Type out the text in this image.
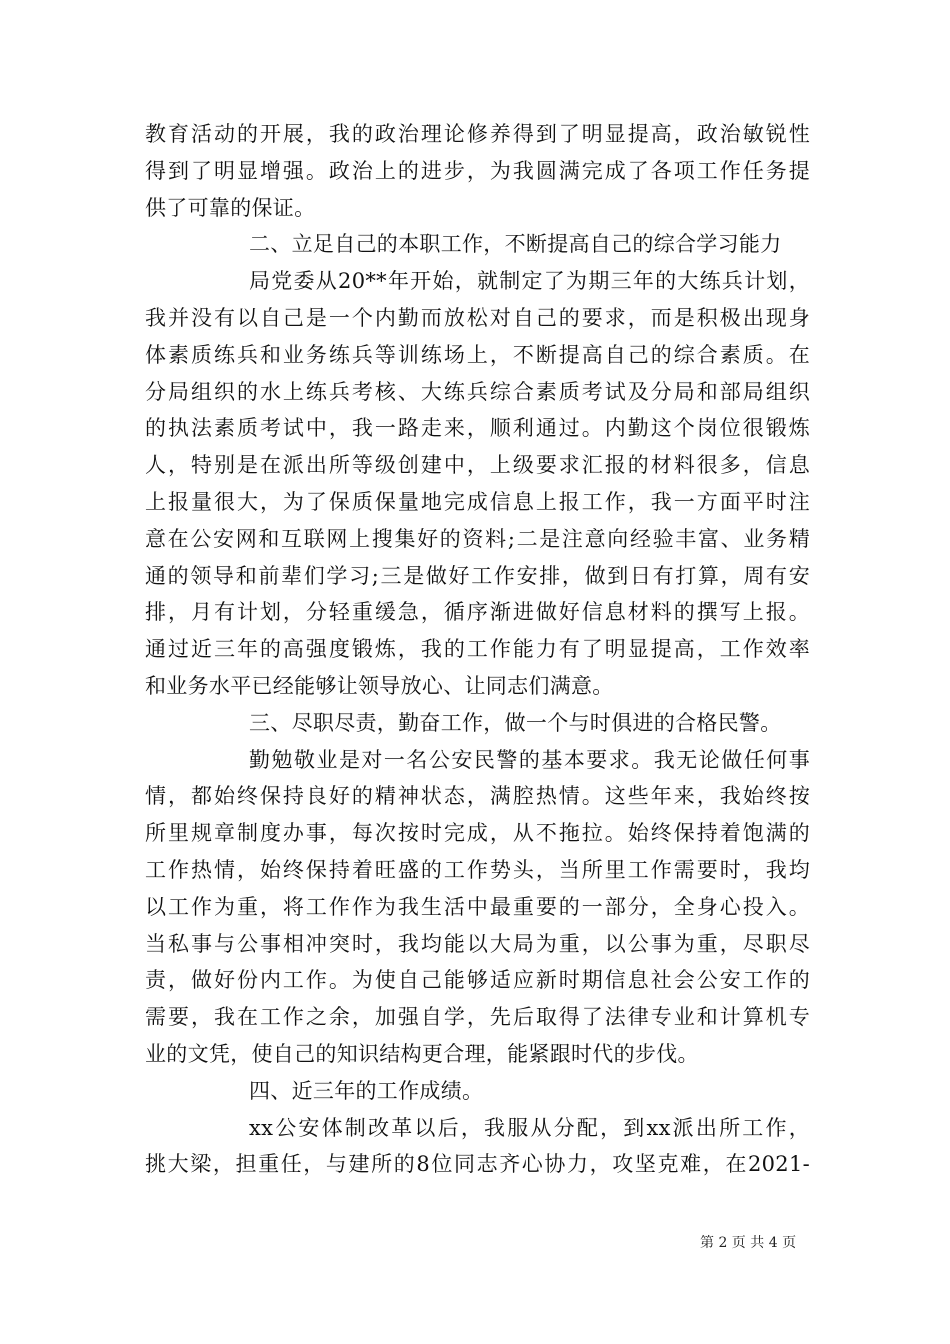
教育活动的开展，我的政治理论修养得到了明显提高，政治敏锐性
得到了明显增强。政治上的进步，为我圆满完成了各项工作任务提
供了可靠的保证。
二、立足自己的本职工作，不断提高自己的综合学习能力
局党委从20**年开始，就制定了为期三年的大练兵计划，
我并没有以自己是一个内勤而放松对自己的要求，而是积极出现身
体素质练兵和业务练兵等训练场上，不断提高自己的综合素质。在
分局组织的水上练兵考核、大练兵综合素质考试及分局和部局组织
的执法素质考试中，我一路走来，顺利通过。内勤这个岗位很锻炼
人，特别是在派出所等级创建中，上级要求汇报的材料很多，信息
上报量很大，为了保质保量地完成信息上报工作，我一方面平时注
意在公安网和互联网上搜集好的资料;二是注意向经验丰富、业务精
通的领导和前辈们学习;三是做好工作安排，做到日有打算，周有安
排，月有计划，分轻重缓急，循序渐进做好信息材料的撰写上报。
通过近三年的高强度锻炼，我的工作能力有了明显提高，工作效率
和业务水平已经能够让领导放心、让同志们满意。
三、尽职尽责，勤奋工作，做一个与时俱进的合格民警。
勤勉敬业是对一名公安民警的基本要求。我无论做任何事
情，都始终保持良好的精神状态，满腔热情。这些年来，我始终按
所里规章制度办事，每次按时完成，从不拖拉。始终保持着饱满的
工作热情，始终保持着旺盛的工作势头，当所里工作需要时，我均
以工作为重，将工作作为我生活中最重要的一部分，全身心投入。
当私事与公事相冲突时，我均能以大局为重，以公事为重，尽职尽
责，做好份内工作。为使自己能够适应新时期信息社会公安工作的
需要，我在工作之余，加强自学，先后取得了法律专业和计算机专
业的文凭，使自己的知识结构更合理，能紧跟时代的步伐。
四、近三年的工作成绩。
xx公安体制改革以后，我服从分配，到xx派出所工作，
挑大梁，担重任，与建所的8位同志齐心协力，攻坚克难，在2021-
第 2 页 共 4 页
